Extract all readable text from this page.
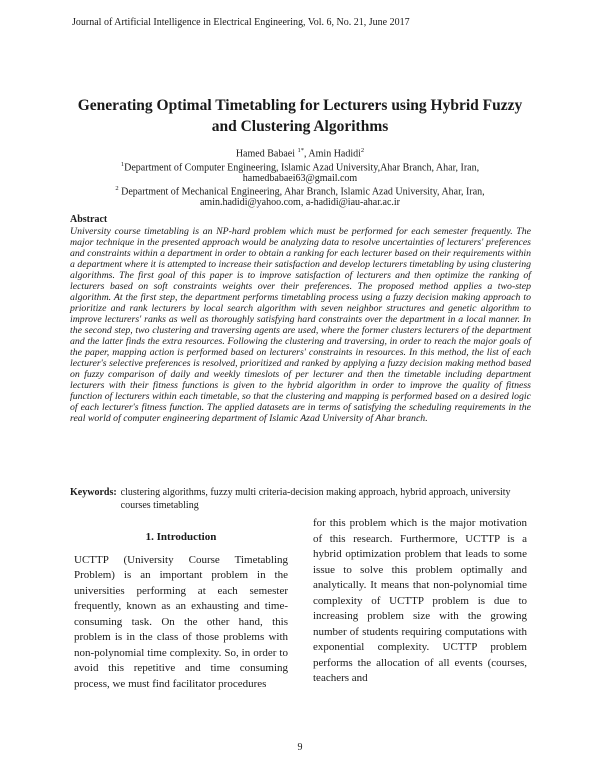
Journal of Artificial Intelligence in Electrical Engineering, Vol. 6, No. 21, June 2017
Generating Optimal Timetabling for Lecturers using Hybrid Fuzzy
and Clustering Algorithms
Hamed Babaei $^{1*}$, Amin Hadidi$^2$
$^1$Department of Computer Engineering, Islamic Azad University,Ahar Branch, Ahar, Iran,
hamedbabaei63@gmail.com
$^2$ Department of Mechanical Engineering, Ahar Branch, Islamic Azad University, Ahar, Iran,
amin.hadidi@yahoo.com, a-hadidi@iau-ahar.ac.ir
Abstract
University course timetabling is an NP-hard problem which must be performed for each semester frequently. The major technique in the presented approach would be analyzing data to resolve uncertainties of lecturers' preferences and constraints within a department in order to obtain a ranking for each lecturer based on their requirements within a department where it is attempted to increase their satisfaction and develop lecturers timetabling by using clustering algorithms. The first goal of this paper is to improve satisfaction of lecturers and then optimize the ranking of lecturers based on soft constraints weights over their preferences. The proposed method applies a two-step algorithm. At the first step, the department performs timetabling process using a fuzzy decision making approach to prioritize and rank lecturers by local search algorithm with seven neighbor structures and genetic algorithm to improve lecturers' ranks as well as thoroughly satisfying hard constraints over the department in a local manner. In the second step, two clustering and traversing agents are used, where the former clusters lecturers of the department and the latter finds the extra resources. Following the clustering and traversing, in order to reach the major goals of the paper, mapping action is performed based on lecturers' constraints in resources. In this method, the list of each lecturer's selective preferences is resolved, prioritized and ranked by applying a fuzzy decision making method based on fuzzy comparison of daily and weekly timeslots of per lecturer and then the timetable including department lecturers with their fitness functions is given to the hybrid algorithm in order to improve the quality of fitness function of lecturers within each timetable, so that the clustering and mapping is performed based on a desired logic of each lecturer's fitness function. The applied datasets are in terms of satisfying the scheduling requirements in the real world of computer engineering department of Islamic Azad University of Ahar branch.
Keywords: clustering algorithms, fuzzy multi criteria-decision making approach, hybrid approach, university courses timetabling
1. Introduction
UCTTP (University Course Timetabling Problem) is an important problem in the universities performing at each semester frequently, known as an exhausting and time-consuming task. On the other hand, this problem is in the class of those problems with non-polynomial time complexity. So, in order to avoid this repetitive and time consuming process, we must find facilitator procedures
for this problem which is the major motivation of this research. Furthermore, UCTTP is a hybrid optimization problem that leads to some issue to solve this problem optimally and analytically. It means that non-polynomial time complexity of UCTTP problem is due to increasing problem size with the growing number of students requiring computations with exponential complexity. UCTTP problem performs the allocation of all events (courses, teachers and
9
